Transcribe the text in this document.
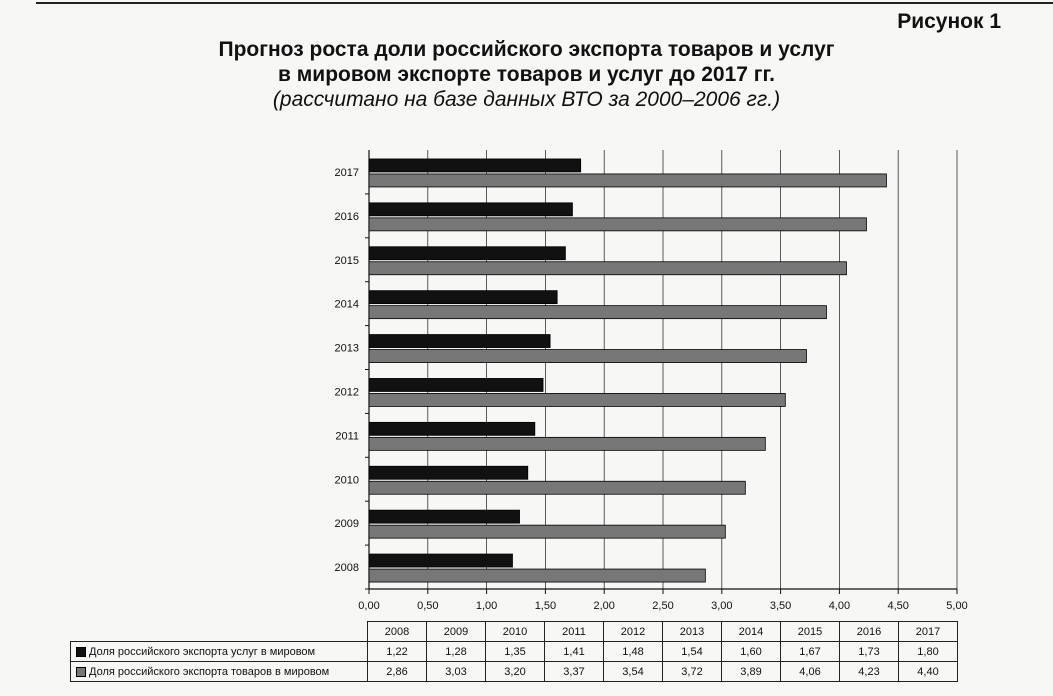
Рисунок 1
Прогноз роста доли российского экспорта товаров и услуг
в мировом экспорте товаров и услуг до 2017 гг.
(рассчитано на базе данных ВТО за 2000–2006 гг.)
0,00	0,50	1,00	1,50	2,00	2,50	3,00	3,50	4,00	4,50	5,00
2008
2009
2010
2011
2012
2013
2014
2015
2016
2017
	2008	2009	2010	2011	2012	2013	2014	2015	2016	2017
Доля российского экспорта услуг в мировом	1,22	1,28	1,35	1,41	1,48	1,54	1,60	1,67	1,73	1,80
Доля российского экспорта товаров в мировом	2,86	3,03	3,20	3,37	3,54	3,72	3,89	4,06	4,23	4,40
